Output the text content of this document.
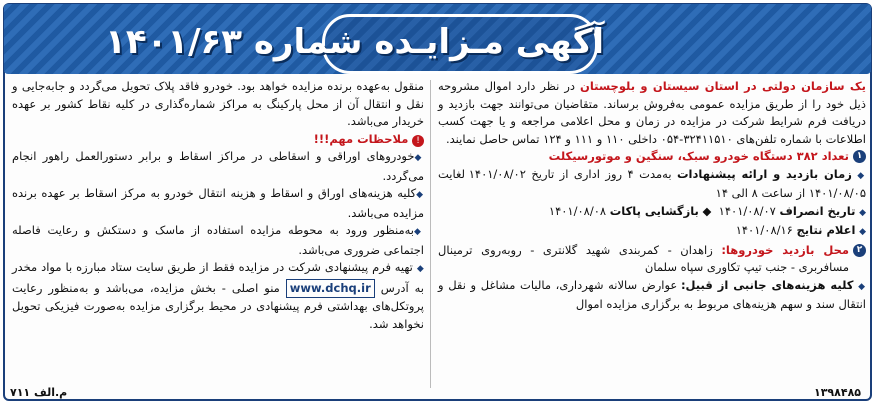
آگهی مـزایـده شماره ۱۴۰۱/۶۳

یک سازمان دولتی در استان سیستان و بلوچستان در نظر دارد اموال مشروحه ذیل خود را از طریق مزایده عمومی به‌فروش برساند. متقاضیان می‌توانند جهت بازدید و دریافت فرم شرایط شرکت در مزایده در زمان و محل اعلامی مراجعه و یا جهت کسب اطلاعات با شماره تلفن‌های ۳۲۴۱۱۵۱۰-۰۵۴ داخلی ۱۱۰ و ۱۱۱ و ۱۲۴ تماس حاصل نمایند.

۱
تعداد ۳۸۲ دستگاه خودرو سبک، سنگین و موتورسیکلت

◆ زمان بازدید و ارائه پیشنهادات به‌مدت ۴ روز اداری از تاریخ ۱۴۰۱/۰۸/۰۲ لغایت ۱۴۰۱/۰۸/۰۵ از ساعت ۸ الی ۱۴

◆ تاریخ انصراف ۱۴۰۱/۰۸/۰۷  ◆ بازگشایی پاکات ۱۴۰۱/۰۸/۰۸

◆ اعلام نتایج ۱۴۰۱/۰۸/۱۶

۲

محل بازدید خودروها: زاهدان - کمربندی شهید گلانتری - روبه‌روی ترمینال مسافربری - جنب تیپ تکاوری سپاه سلمان

◆ کلیه هزینه‌های جانبی از قبیل: عوارض سالانه شهرداری، مالیات مشاغل و نقل و انتقال سند و سهم هزینه‌های مربوط به برگزاری مزایده اموال

منقول به‌عهده برنده مزایده خواهد بود. خودرو فاقد پلاک تحویل می‌گردد و جابه‌جایی و نقل و انتقال آن از محل پارکینگ به مراکز شماره‌گذاری در کلیه نقاط کشور بر عهده خریدار می‌باشد.

! ملاحظات مهم!!!

◆ خودروهای اوراقی و اسقاطی در مراکز اسقاط و برابر دستورالعمل راهور انجام می‌گردد.

◆ کلیه هزینه‌های اوراق و اسقاط و هزینه انتقال خودرو به مرکز اسقاط بر عهده برنده مزایده می‌باشد.

◆ به‌منظور ورود به محوطه مزایده استفاده از ماسک و دستکش و رعایت فاصله اجتماعی ضروری می‌باشد.

◆ تهیه فرم پیشنهادی شرکت در مزایده فقط از طریق سایت ستاد مبارزه با مواد مخدر به آدرس www.dchq.ir منو اصلی - بخش مزایده، می‌باشد و به‌منظور رعایت پروتکل‌های بهداشتی فرم پیشنهادی در محیط برگزاری مزایده به‌صورت فیزیکی تحویل نخواهد شد.

م.الف ۷۱۱	۱۳۹۸۴۸۵
